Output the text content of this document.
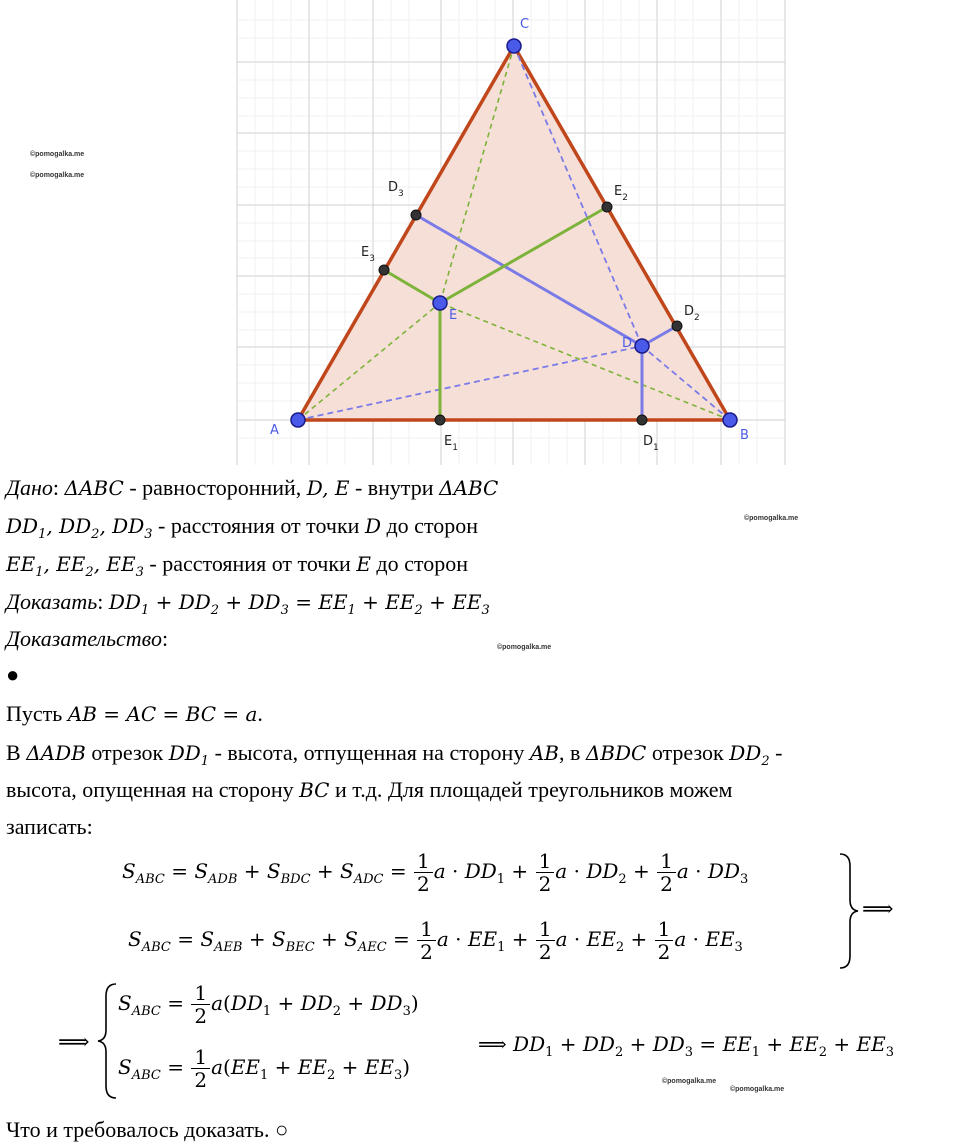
A	B
C
D
E
$E_1$	$D_1$
$D_2$
$E_2$
$D_3$
$E_3$
©pomogalka.me
©pomogalka.me
©pomogalka.me
©pomogalka.me
©pomogalka.me
©pomogalka.me
Дано: ΔABC - равносторонний, D, E - внутри ΔABC
$DD_1$, $DD_2$, $DD_3$ - расстояния от точки D до сторон
$EE_1$, $EE_2$, $EE_3$ - расстояния от точки E до сторон
Доказать: $DD_1 + DD_2 + DD_3 = EE_1 + EE_2 + EE_3$
Доказательство:
●
Пусть AB = AC = BC = a.
В ΔADB отрезок $DD_1$ - высота, отпущенная на сторону AB, в ΔBDC отрезок $DD_2$ -
высота, опущенная на сторону BC и т.д. Для площадей треугольников можем
записать:
$S_{ABC} = S_{ADB} + S_{BDC} + S_{ADC} = \frac{1}{2}$ $a \cdot DD_1 + \frac{1}{2}$ $a \cdot DD_2 + \frac{1}{2}$ $a \cdot DD_3$
$S_{ABC} = S_{AEB} + S_{BEC} + S_{AEC} = \frac{1}{2}$ $a \cdot EE_1 + \frac{1}{2}$ $a \cdot EE_2 + \frac{1}{2}$ $a \cdot EE_3$
⟹
⟹
$S_{ABC} = \frac{1}{2} a(DD_1 + DD_2 + DD_3)$
$S_{ABC} = \frac{1}{2} a(EE_1 + EE_2 + EE_3)$
⟹ $DD_1 + DD_2 + DD_3 = EE_1 + EE_2 + EE_3$
Что и требовалось доказать. ○
